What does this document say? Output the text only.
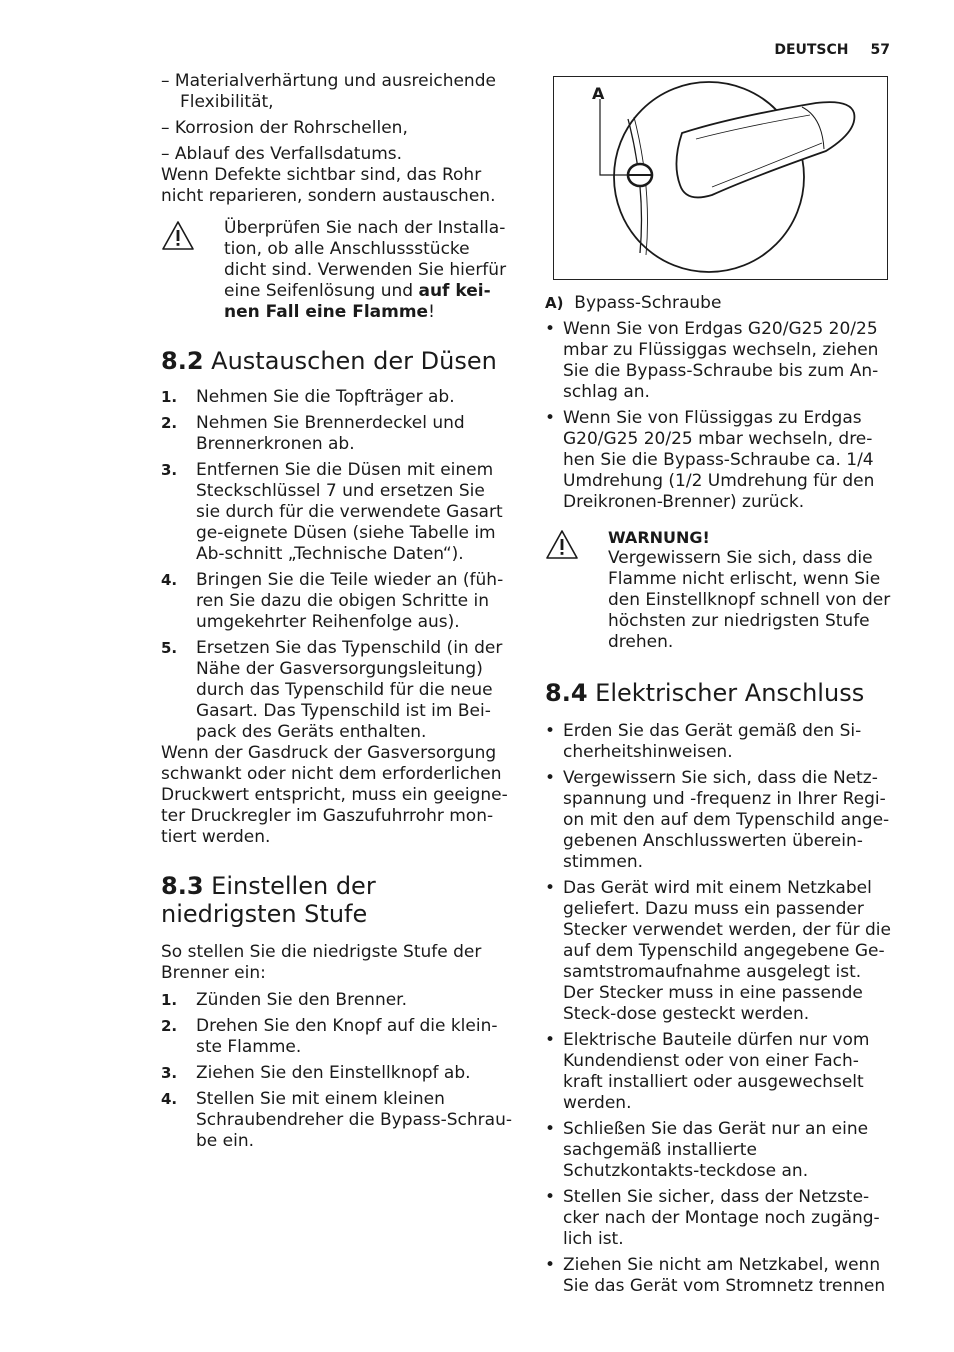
DEUTSCH 57

– Materialverhärtung und ausreichende Flexibilität,

– Korrosion der Rohrschellen,

– Ablauf des Verfallsdatums.

Wenn Defekte sichtbar sind, das Rohr nicht reparieren, sondern austauschen.

Überprüfen Sie nach der Installa-tion, ob alle Anschlussstücke dicht sind. Verwenden Sie hierfür eine Seifenlösung und auf kei-nen Fall eine Flamme!
8.2 Austauschen der Düsen
1. Nehmen Sie die Topfträger ab.
2. Nehmen Sie Brennerdeckel und Brennerkronen ab.
3. Entfernen Sie die Düsen mit einem Steckschlüssel 7 und ersetzen Sie sie durch für die verwendete Gasart ge-eignete Düsen (siehe Tabelle im Ab-schnitt „Technische Daten“).
4. Bringen Sie die Teile wieder an (füh-ren Sie dazu die obigen Schritte in umgekehrter Reihenfolge aus).
5. Ersetzen Sie das Typenschild (in der Nähe der Gasversorgungsleitung) durch das Typenschild für die neue Gasart. Das Typenschild ist im Bei-pack des Geräts enthalten.

Wenn der Gasdruck der Gasversorgung schwankt oder nicht dem erforderlichen Druckwert entspricht, muss ein geeigne-ter Druckregler im Gaszufuhrrohr mon-tiert werden.

8.3 Einstellen der niedrigsten Stufe

So stellen Sie die niedrigste Stufe der Brenner ein:

1. Zünden Sie den Brenner.
2. Drehen Sie den Knopf auf die klein-ste Flamme.
3. Ziehen Sie den Einstellknopf ab.
4. Stellen Sie mit einem kleinen Schraubendreher die Bypass-Schrau-be ein.
A

A) Bypass-Schraube

• Wenn Sie von Erdgas G20/G25 20/25 mbar zu Flüssiggas wechseln, ziehen Sie die Bypass-Schraube bis zum An-schlag an.
• Wenn Sie von Flüssiggas zu Erdgas G20/G25 20/25 mbar wechseln, dre-hen Sie die Bypass-Schraube ca. 1/4 Umdrehung (1/2 Umdrehung für den Dreikronen-Brenner) zurück.
WARNUNG!
Vergewissern Sie sich, dass die Flamme nicht erlischt, wenn Sie den Einstellknopf schnell von der höchsten zur niedrigsten Stufe drehen.
8.4 Elektrischer Anschluss
• Erden Sie das Gerät gemäß den Si-cherheitshinweisen.
• Vergewissern Sie sich, dass die Netz-spannung und -frequenz in Ihrer Regi-on mit den auf dem Typenschild ange-gebenen Anschlusswerten überein-stimmen.
• Das Gerät wird mit einem Netzkabel geliefert. Dazu muss ein passender Stecker verwendet werden, der für die auf dem Typenschild angegebene Ge-samtstromaufnahme ausgelegt ist. Der Stecker muss in eine passende Steck-dose gesteckt werden.
• Elektrische Bauteile dürfen nur vom Kundendienst oder von einer Fach-kraft installiert oder ausgewechselt werden.
• Schließen Sie das Gerät nur an eine sachgemäß installierte Schutzkontakts-teckdose an.
• Stellen Sie sicher, dass der Netzste-cker nach der Montage noch zugäng-lich ist.
• Ziehen Sie nicht am Netzkabel, wenn Sie das Gerät vom Stromnetz trennen
